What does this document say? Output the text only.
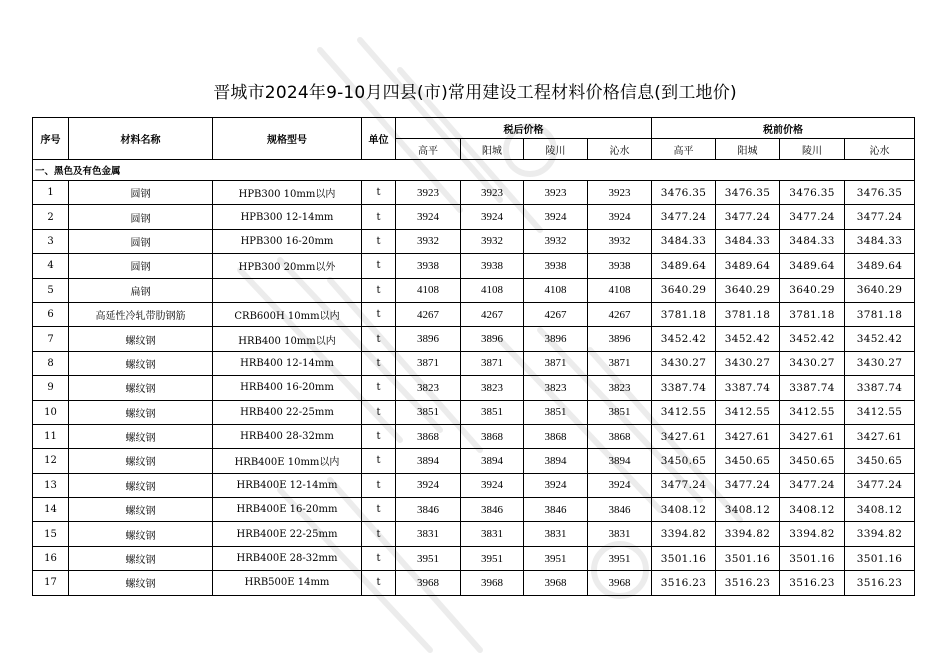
晋城市2024年9-10月四县(市)常用建设工程材料价格信息(到工地价)
序号	材料名称	规格型号	单位	税后价格				税前价格			
				高平	阳城	陵川	沁水	高平	阳城	陵川	沁水
一、黑色及有色金属											
1	圆钢	HPB300 10mm以内	t	3923	3923	3923	3923	3476.35	3476.35	3476.35	3476.35
2	圆钢	HPB300 12-14mm	t	3924	3924	3924	3924	3477.24	3477.24	3477.24	3477.24
3	圆钢	HPB300 16-20mm	t	3932	3932	3932	3932	3484.33	3484.33	3484.33	3484.33
4	圆钢	HPB300 20mm以外	t	3938	3938	3938	3938	3489.64	3489.64	3489.64	3489.64
5	扁钢		t	4108	4108	4108	4108	3640.29	3640.29	3640.29	3640.29
6	高延性冷轧带肋钢筋	CRB600H 10mm以内	t	4267	4267	4267	4267	3781.18	3781.18	3781.18	3781.18
7	螺纹钢	HRB400 10mm以内	t	3896	3896	3896	3896	3452.42	3452.42	3452.42	3452.42
8	螺纹钢	HRB400 12-14mm	t	3871	3871	3871	3871	3430.27	3430.27	3430.27	3430.27
9	螺纹钢	HRB400 16-20mm	t	3823	3823	3823	3823	3387.74	3387.74	3387.74	3387.74
10	螺纹钢	HRB400 22-25mm	t	3851	3851	3851	3851	3412.55	3412.55	3412.55	3412.55
11	螺纹钢	HRB400 28-32mm	t	3868	3868	3868	3868	3427.61	3427.61	3427.61	3427.61
12	螺纹钢	HRB400E 10mm以内	t	3894	3894	3894	3894	3450.65	3450.65	3450.65	3450.65
13	螺纹钢	HRB400E 12-14mm	t	3924	3924	3924	3924	3477.24	3477.24	3477.24	3477.24
14	螺纹钢	HRB400E 16-20mm	t	3846	3846	3846	3846	3408.12	3408.12	3408.12	3408.12
15	螺纹钢	HRB400E 22-25mm	t	3831	3831	3831	3831	3394.82	3394.82	3394.82	3394.82
16	螺纹钢	HRB400E 28-32mm	t	3951	3951	3951	3951	3501.16	3501.16	3501.16	3501.16
17	螺纹钢	HRB500E 14mm	t	3968	3968	3968	3968	3516.23	3516.23	3516.23	3516.23
